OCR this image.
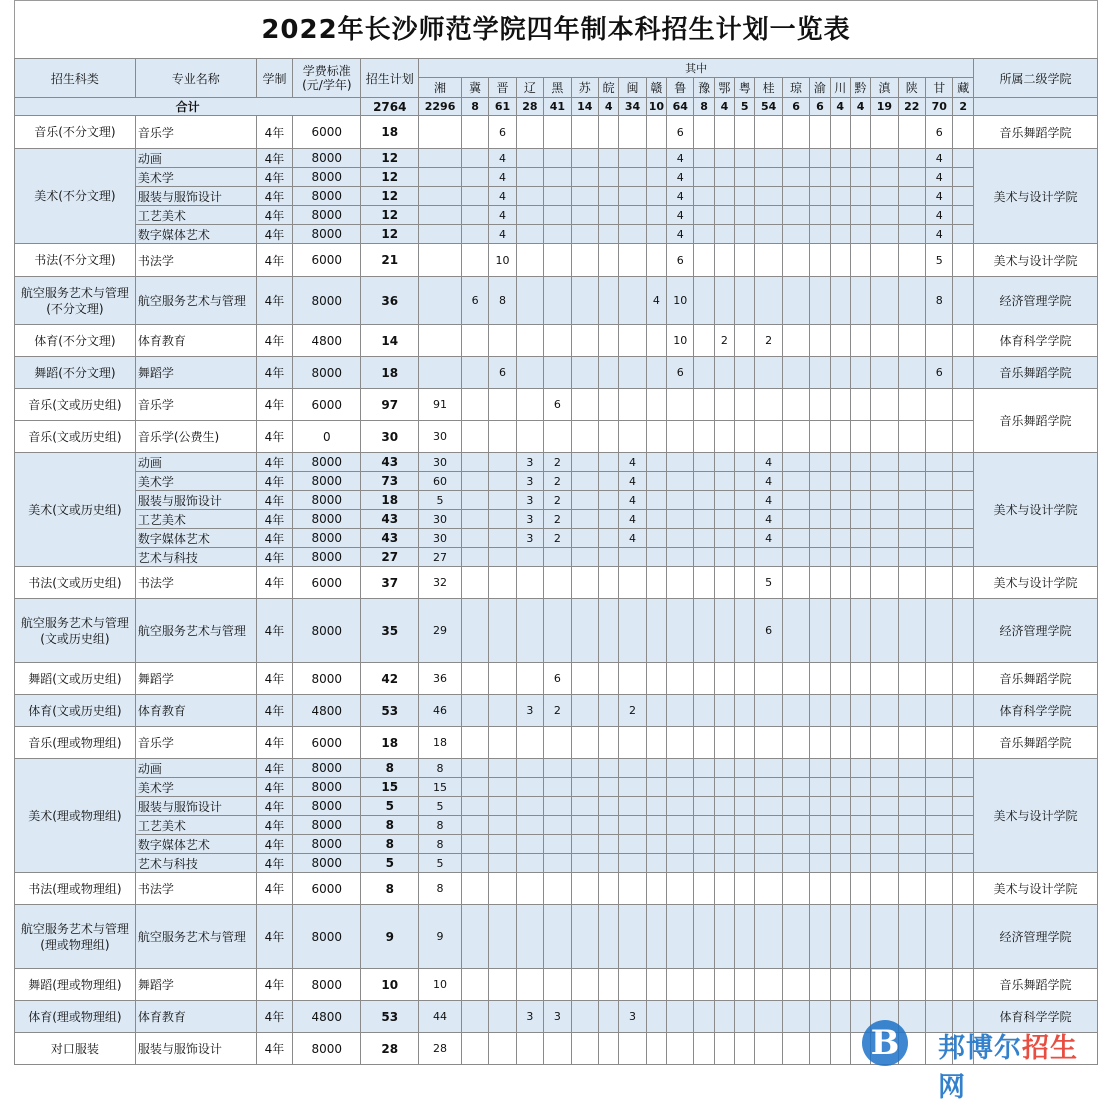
2022年长沙师范学院四年制本科招生计划一览表
招生科类	专业名称	学制	学费标准(元/学年)	招生计划	其中																						所属二级学院
					湘	冀	晋	辽	黑	苏	皖	闽	赣	鲁	豫	鄂	粤	桂	琼	渝	川	黔	滇	陕	甘	藏	
合计				2764	2296	8	61	28	41	14	4	34	10	64	8	4	5	54	6	6	4	4	19	22	70	2	
音乐(不分文理)	音乐学	4年	6000	18			6							6											6		音乐舞蹈学院
美术(不分文理)	动画	4年	8000	12			4							4											4		美术与设计学院
	美术学	4年	8000	12			4							4											4		
	服装与服饰设计	4年	8000	12			4							4											4		
	工艺美术	4年	8000	12			4							4											4		
	数字媒体艺术	4年	8000	12			4							4											4		
书法(不分文理)	书法学	4年	6000	21			10							6											5		美术与设计学院
航空服务艺术与管理(不分文理)	航空服务艺术与管理	4年	8000	36		6	8						4	10											8		经济管理学院
体育(不分文理)	体育教育	4年	4800	14										10		2		2									体育科学学院
舞蹈(不分文理)	舞蹈学	4年	8000	18			6							6											6		音乐舞蹈学院
音乐(文或历史组)	音乐学	4年	6000	97	91				6																		音乐舞蹈学院
音乐(文或历史组)	音乐学(公费生)	4年	0	30	30																						
美术(文或历史组)	动画	4年	8000	43	30			3	2			4						4									美术与设计学院
	美术学	4年	8000	73	60			3	2			4						4									
	服装与服饰设计	4年	8000	18	5			3	2			4						4									
	工艺美术	4年	8000	43	30			3	2			4						4									
	数字媒体艺术	4年	8000	43	30			3	2			4						4									
	艺术与科技	4年	8000	27	27																						
书法(文或历史组)	书法学	4年	6000	37	32													5									美术与设计学院
航空服务艺术与管理(文或历史组)	航空服务艺术与管理	4年	8000	35	29													6									经济管理学院
舞蹈(文或历史组)	舞蹈学	4年	8000	42	36				6																		音乐舞蹈学院
体育(文或历史组)	体育教育	4年	4800	53	46			3	2			2															体育科学学院
音乐(理或物理组)	音乐学	4年	6000	18	18																						音乐舞蹈学院
美术(理或物理组)	动画	4年	8000	8	8																						美术与设计学院
	美术学	4年	8000	15	15																						
	服装与服饰设计	4年	8000	5	5																						
	工艺美术	4年	8000	8	8																						
	数字媒体艺术	4年	8000	8	8																						
	艺术与科技	4年	8000	5	5																						
书法(理或物理组)	书法学	4年	6000	8	8																						美术与设计学院
航空服务艺术与管理(理或物理组)	航空服务艺术与管理	4年	8000	9	9																						经济管理学院
舞蹈(理或物理组)	舞蹈学	4年	8000	10	10																						音乐舞蹈学院
体育(理或物理组)	体育教育	4年	4800	53	44			3	3			3															体育科学学院
对口服装	服装与服饰设计	4年	8000	28	28																							B	邦博尔招生网
